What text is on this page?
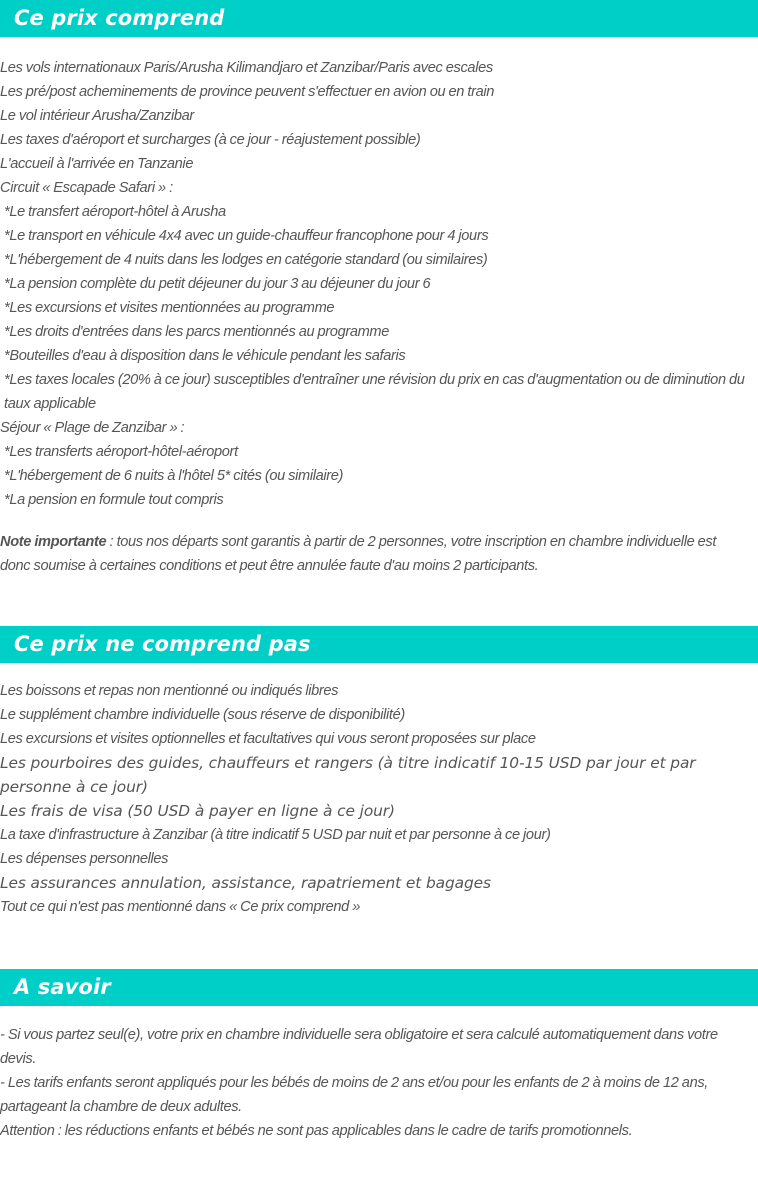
Ce prix comprend
Les vols internationaux Paris/Arusha Kilimandjaro et Zanzibar/Paris avec escales
Les pré/post acheminements de province peuvent s'effectuer en avion ou en train
Le vol intérieur Arusha/Zanzibar
Les taxes d'aéroport et surcharges (à ce jour - réajustement possible)
L'accueil à l'arrivée en Tanzanie
Circuit « Escapade Safari » :
*Le transfert aéroport-hôtel à Arusha
*Le transport en véhicule 4x4 avec un guide-chauffeur francophone pour 4 jours
*L'hébergement de 4 nuits dans les lodges en catégorie standard (ou similaires)
*La pension complète du petit déjeuner du jour 3 au déjeuner du jour 6
*Les excursions et visites mentionnées au programme
*Les droits d'entrées dans les parcs mentionnés au programme
*Bouteilles d'eau à disposition dans le véhicule pendant les safaris
*Les taxes locales (20% à ce jour) susceptibles d'entraîner une révision du prix en cas d'augmentation ou de diminution du taux applicable
Séjour « Plage de Zanzibar » :
*Les transferts aéroport-hôtel-aéroport
*L'hébergement de 6 nuits à l'hôtel 5* cités (ou similaire)
*La pension en formule tout compris
Note importante : tous nos départs sont garantis à partir de 2 personnes, votre inscription en chambre individuelle est donc soumise à certaines conditions et peut être annulée faute d'au moins 2 participants.
Ce prix ne comprend pas
Les boissons et repas non mentionné ou indiqués libres
Le supplément chambre individuelle (sous réserve de disponibilité)
Les excursions et visites optionnelles et facultatives qui vous seront proposées sur place
Les pourboires des guides, chauffeurs et rangers (à titre indicatif 10-15 USD par jour et par personne à ce jour)
Les frais de visa (50 USD à payer en ligne à ce jour)
La taxe d'infrastructure à Zanzibar (à titre indicatif 5 USD par nuit et par personne à ce jour)
Les dépenses personnelles
Les assurances annulation, assistance, rapatriement et bagages
Tout ce qui n'est pas mentionné dans « Ce prix comprend »
A savoir
- Si vous partez seul(e), votre prix en chambre individuelle sera obligatoire et sera calculé automatiquement dans votre devis.
- Les tarifs enfants seront appliqués pour les bébés de moins de 2 ans et/ou pour les enfants de 2 à moins de 12 ans, partageant la chambre de deux adultes.
Attention : les réductions enfants et bébés ne sont pas applicables dans le cadre de tarifs promotionnels.
